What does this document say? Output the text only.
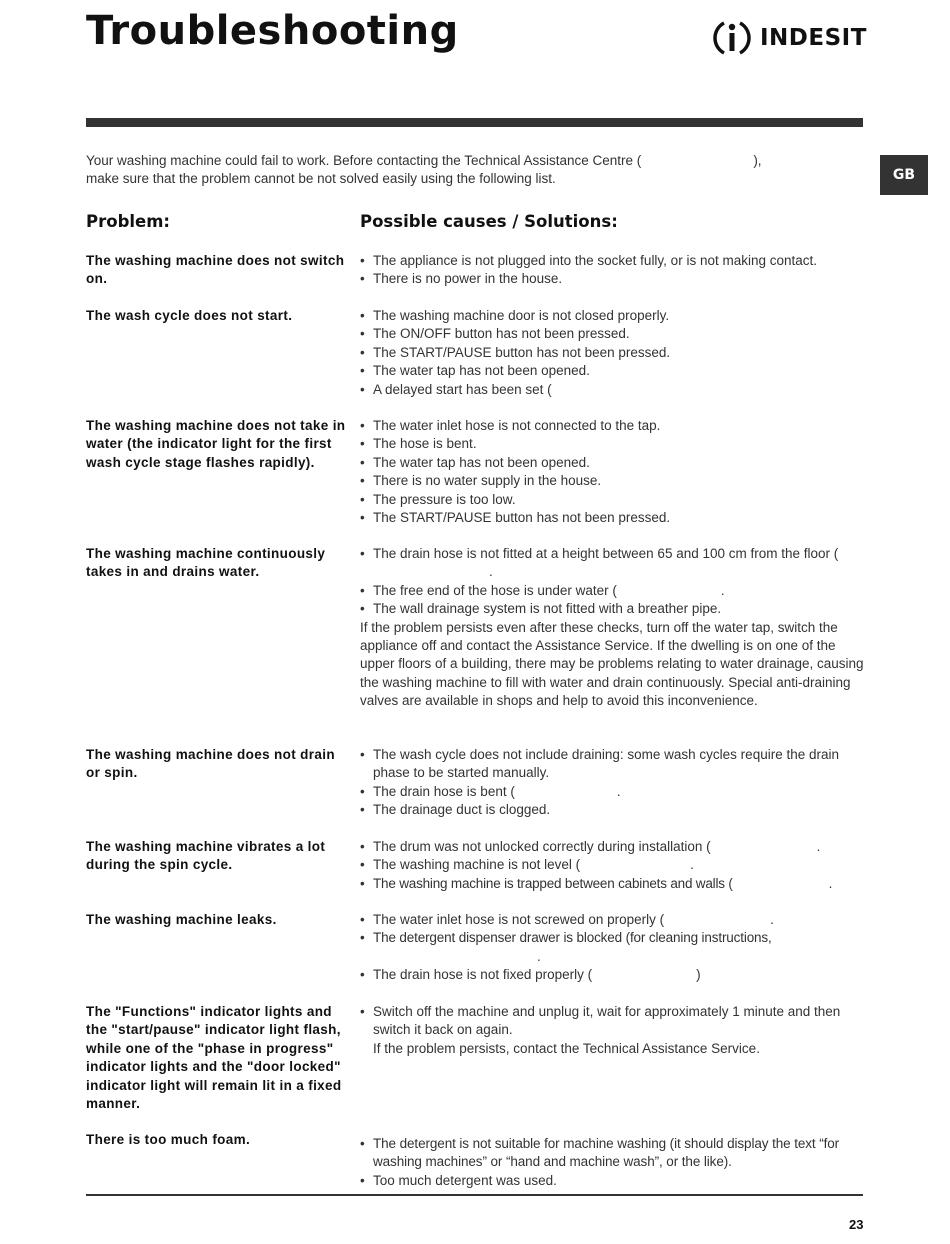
Troubleshooting	INDESIT
GB
Your washing machine could fail to work. Before contacting the Technical Assistance Centre (	),
make sure that the problem cannot be not solved easily using the following list.
Problem:	Possible causes / Solutions:
The washing machine does not switch on.
• The appliance is not plugged into the socket fully, or is not making contact.
• There is no power in the house.
The wash cycle does not start.	• The washing machine door is not closed properly.
• The ON/OFF button has not been pressed.
• The START/PAUSE button has not been pressed.
• The water tap has not been opened.
• A delayed start has been set (
The washing machine does not take in water (the indicator light for the first wash cycle stage flashes rapidly).
• The water inlet hose is not connected to the tap.
• The hose is bent.
• The water tap has not been opened.
• There is no water supply in the house.
• The pressure is too low.
• The START/PAUSE button has not been pressed.
The washing machine continuously takes in and drains water.
• The drain hose is not fitted at a height between 65 and 100 cm from the floor (.
• The free end of the hose is under water (	.
• The wall drainage system is not fitted with a breather pipe.

If the problem persists even after these checks, turn off the water tap, switch the appliance off and contact the Assistance Service. If the dwelling is on one of the upper floors of a building, there may be problems relating to water drainage, causing the washing machine to fill with water and drain continuously. Special anti-draining valves are available in shops and help to avoid this inconvenience.

The washing machine does not drain or spin.
• The wash cycle does not include draining: some wash cycles require the drain phase to be started manually.
• The drain hose is bent (	.
• The drainage duct is clogged.
The washing machine vibrates a lot during the spin cycle.
• The drum was not unlocked correctly during installation (	.
• The washing machine is not level (	.
• The washing machine is trapped between cabinets and walls (	.
The washing machine leaks.	• The water inlet hose is not screwed on properly (	.
• The detergent dispenser drawer is blocked (for cleaning instructions,
.
• The drain hose is not fixed properly (	)
The "Functions" indicator lights and the "start/pause" indicator light flash, while one of the "phase in progress" indicator lights and the "door locked" indicator light will remain lit in a fixed manner.
• Switch off the machine and unplug it, wait for approximately 1 minute and then switch it back on again.

If the problem persists, contact the Technical Assistance Service.

There is too much foam.	• The detergent is not suitable for machine washing (it should display the text “for washing machines” or “hand and machine wash”, or the like).
• Too much detergent was used.
23
